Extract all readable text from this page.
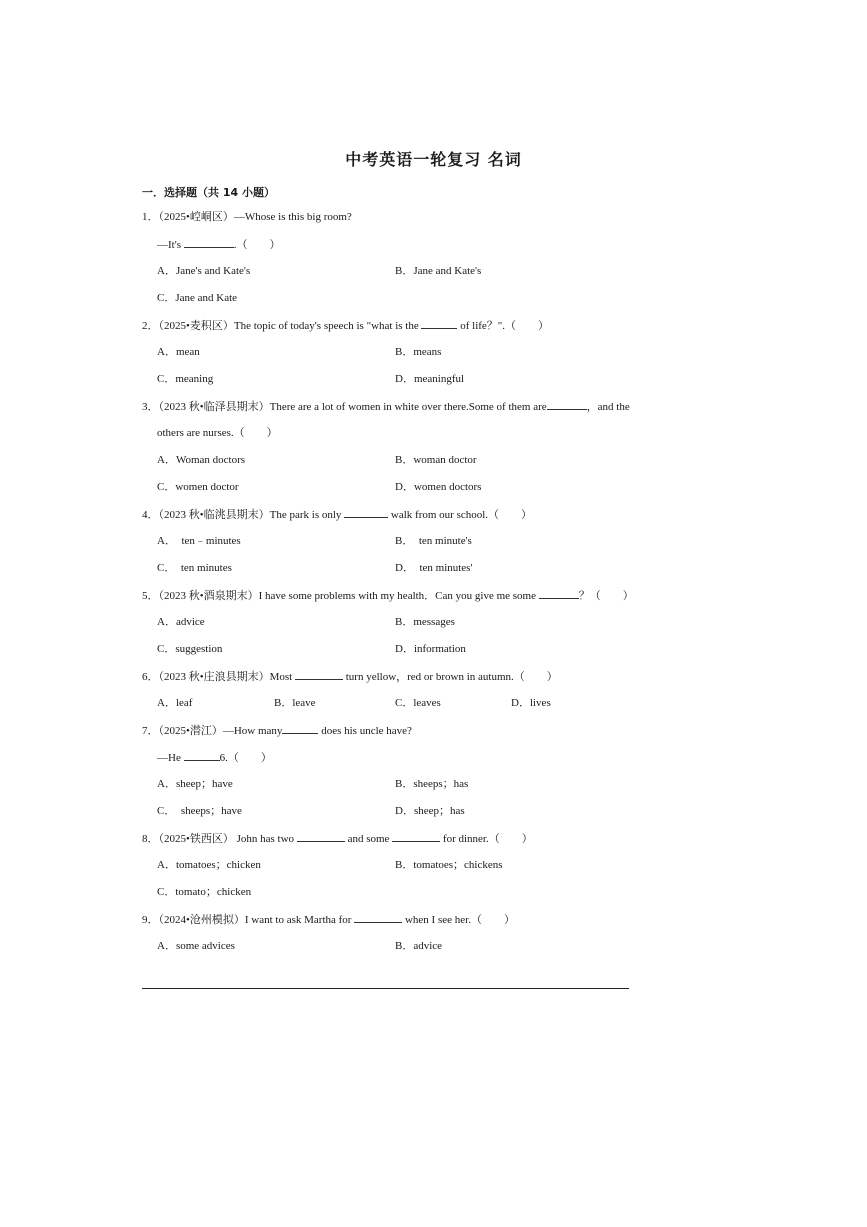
中考英语一轮复习 名词
一．选择题（共 14 小题）
1．（2025•崆峒区）—Whose is this big room?
—It's	.（　　）
A．Jane's and Kate's	B．Jane and Kate's
C．Jane and Kate
2．（2025•麦积区）The topic of today's speech is "what is the	of life？".（　　）
A．mean	B．means
C．meaning	D．meaningful
3．（2023 秋•临泽县期末）There are a lot of women in white over there.Some of them are	，and the
others are nurses.（　　）
A．Woman doctors	B．woman doctor
C．women doctor	D．women doctors
4．（2023 秋•临洮县期末）The park is only	walk from our school.（　　）
A．　ten﹣minutes	B．　ten minute's
C．　ten minutes	D．　ten minutes'
5．（2023 秋•酒泉期末）I have some problems with my health．Can you give me some	？（　　）
A．advice	B．messages
C．suggestion	D．information
6．（2023 秋•庄浪县期末）Most	turn yellow，red or brown in autumn.（　　）
A．leaf	B．leave	C．leaves	D．lives
7．（2025•潜江）—How many	does his uncle have?
—He	6.（　　）
A．sheep；have	B．sheeps；has
C．　sheeps；have	D．sheep；has
8．（2025•铁西区） John has two	and some	for dinner.（　　）
A．tomatoes；chicken	B．tomatoes；chickens
C．tomato；chicken
9．（2024•沧州模拟）I want to ask Martha for	when I see her.（　　）
A．some advices	B．advice
